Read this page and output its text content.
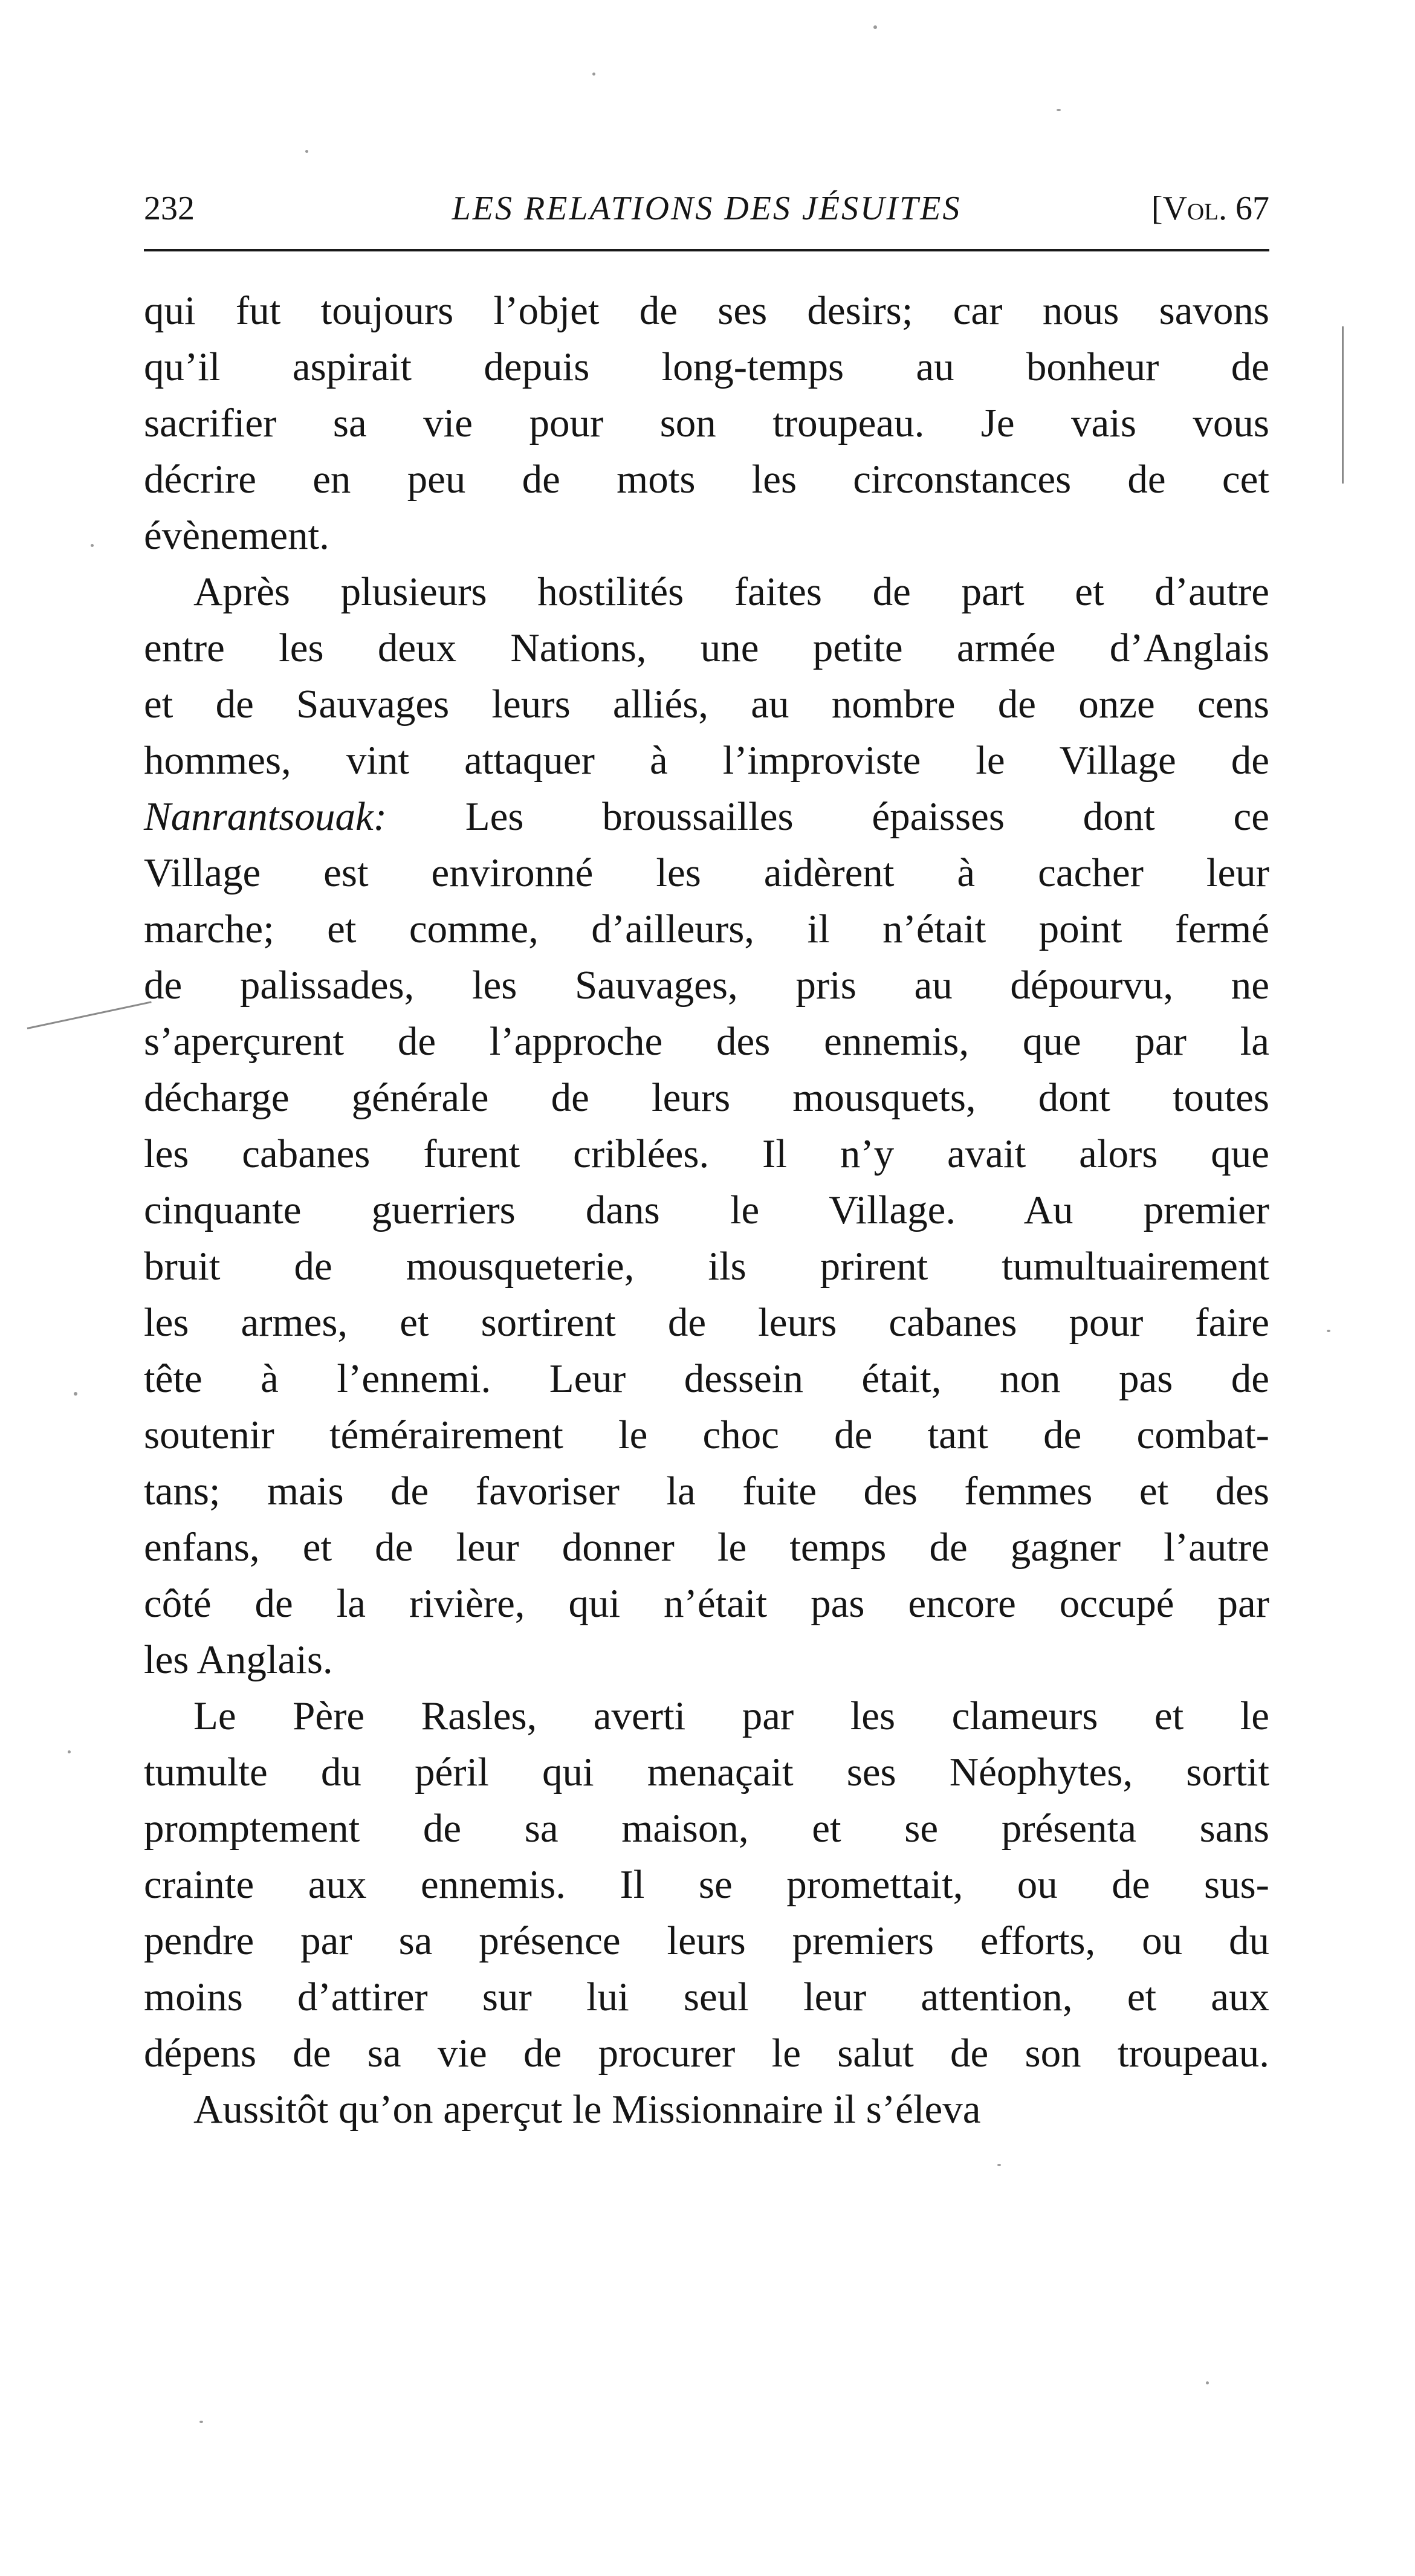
232	LES RELATIONS DES JÉSUITES	[Vol. 67
qui fut toujours l’objet de ses desirs; car nous savons
qu’il aspirait depuis long-temps au bonheur de
sacrifier sa vie pour son troupeau. Je vais vous
décrire en peu de mots les circonstances de cet
évènement.
Après plusieurs hostilités faites de part et d’autre
entre les deux Nations, une petite armée d’Anglais
et de Sauvages leurs alliés, au nombre de onze cens
hommes, vint attaquer à l’improviste le Village de
Nanrantsouak: Les broussailles épaisses dont ce
Village est environné les aidèrent à cacher leur
marche; et comme, d’ailleurs, il n’était point fermé
de palissades, les Sauvages, pris au dépourvu, ne
s’aperçurent de l’approche des ennemis, que par la
décharge générale de leurs mousquets, dont toutes
les cabanes furent criblées. Il n’y avait alors que
cinquante guerriers dans le Village. Au premier
bruit de mousqueterie, ils prirent tumultuairement
les armes, et sortirent de leurs cabanes pour faire
tête à l’ennemi. Leur dessein était, non pas de
soutenir témérairement le choc de tant de combat-
tans; mais de favoriser la fuite des femmes et des
enfans, et de leur donner le temps de gagner l’autre
côté de la rivière, qui n’était pas encore occupé par
les Anglais.
Le Père Rasles, averti par les clameurs et le
tumulte du péril qui menaçait ses Néophytes, sortit
promptement de sa maison, et se présenta sans
crainte aux ennemis. Il se promettait, ou de sus-
pendre par sa présence leurs premiers efforts, ou du
moins d’attirer sur lui seul leur attention, et aux
dépens de sa vie de procurer le salut de son troupeau.
Aussitôt qu’on aperçut le Missionnaire il s’éleva
